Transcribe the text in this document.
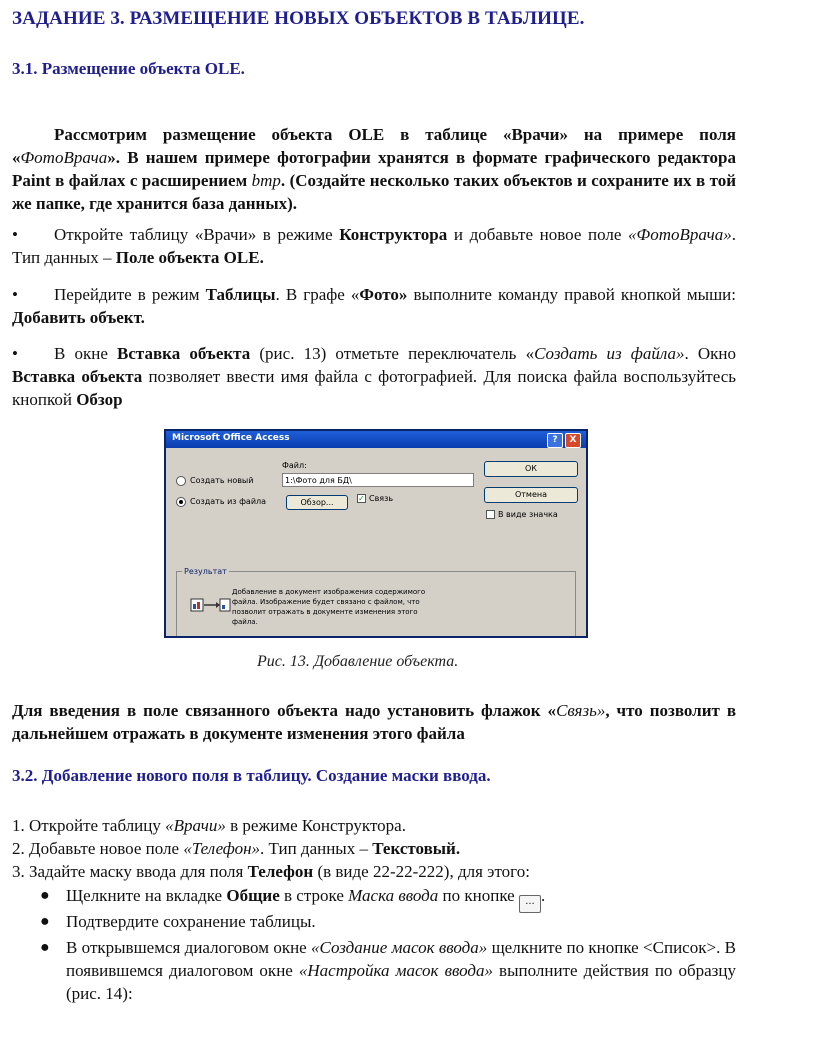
ЗАДАНИЕ 3. РАЗМЕЩЕНИЕ НОВЫХ ОБЪЕКТОВ В ТАБЛИЦЕ.
3.1. Размещение объекта OLE.

Рассмотрим размещение объекта OLE в таблице «Врачи» на примере поля «ФотоВрача». В нашем примере фотографии хранятся в формате графического редактора Paint в файлах с расширением bmp. (Создайте несколько таких объектов и сохраните их в той же папке, где хранится база данных).

•	Откройте таблицу «Врачи» в режиме Конструктора и добавьте новое поле «ФотоВрача». Тип данных – Поле объекта OLE.

•	Перейдите в режим Таблицы. В графе «Фото» выполните команду правой кнопкой мыши: Добавить объект.

•	В окне Вставка объекта (рис. 13) отметьте переключатель «Создать из файла». Окно Вставка объекта позволяет ввести имя файла с фотографией. Для поиска файла воспользуйтесь кнопкой Обзор

Microsoft Office Access	?	X
Создать новый
Создать из файла
Файл:
1:\Фото для БД\
Обзор...	✓ Связь
ОК
Отмена
В виде значка
Результат
Добавление в документ изображения содержимого файла. Изображение будет связано с файлом, что позволит отражать в документе изменения этого файла.
Рис. 13. Добавление объекта.

Для введения в поле связанного объекта надо установить флажок «Связь», что позволит в дальнейшем отражать в документе изменения этого файла

3.2. Добавление нового поля в таблицу. Создание маски ввода.

1. Откройте таблицу «Врачи» в режиме Конструктора.

2. Добавьте новое поле «Телефон». Тип данных – Текстовый.

3. Задайте маску ввода для поля Телефон (в виде 22-22-222), для этого:

● Щелкните на вкладке Общие в строке Маска ввода по кнопке ... .

● Подтвердите сохранение таблицы.

● В открывшемся диалоговом окне «Создание масок ввода» щелкните по кнопке <Список>. В появившемся диалоговом окне «Настройка масок ввода» выполните действия по образцу (рис. 14):
